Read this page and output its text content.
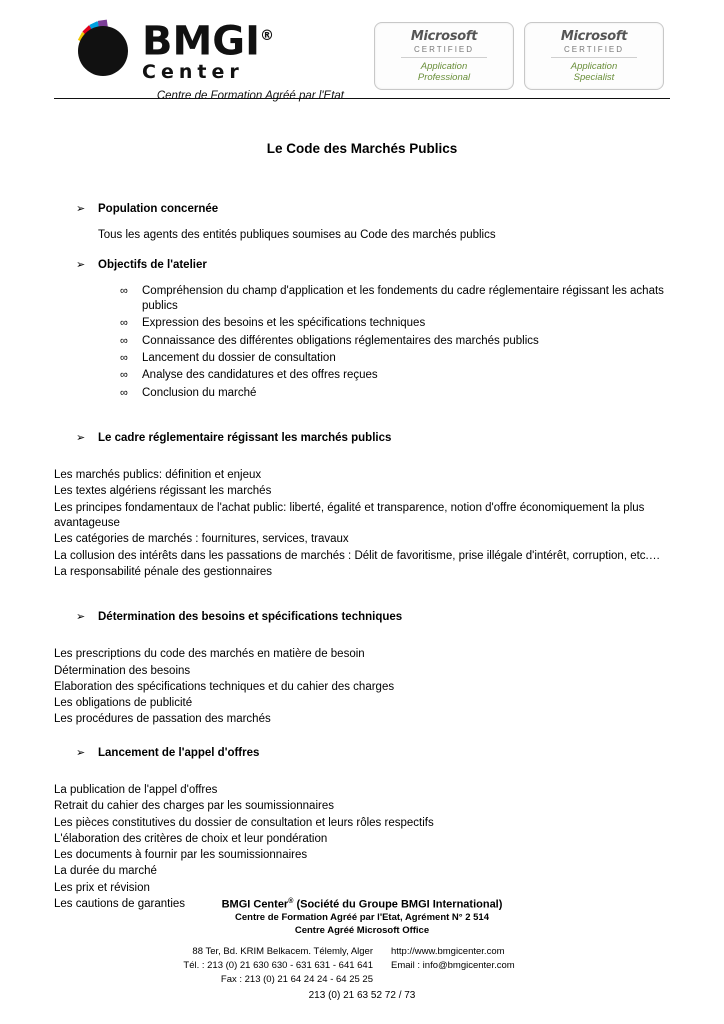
BMGI®
Center
Centre de Formation Agréé par l'Etat
Microsoft
CERTIFIED
Application
Professional
Microsoft
CERTIFIED
Application
Specialist
Le Code des Marchés Publics
➢	Population concernée
Tous les agents des entités publiques soumises au Code des marchés publics
➢	Objectifs de l'atelier
∞	Compréhension du champ d'application et les fondements du cadre réglementaire régissant les achats publics
∞	Expression des besoins et les spécifications techniques
∞	Connaissance des différentes obligations réglementaires des marchés publics
∞	Lancement du dossier de consultation
∞	Analyse des candidatures et des offres reçues
∞	Conclusion du marché
➢	Le cadre réglementaire régissant les marchés publics
Les marchés publics: définition et enjeux
Les textes algériens régissant les marchés
Les principes fondamentaux de l'achat public: liberté, égalité et transparence, notion d'offre économiquement la plus avantageuse
Les catégories de marchés : fournitures, services, travaux
La collusion des intérêts dans les passations de marchés : Délit de favoritisme, prise illégale d'intérêt, corruption, etc.…
La responsabilité pénale des gestionnaires
➢	Détermination des besoins et spécifications techniques
Les prescriptions du code des marchés en matière de besoin
Détermination des besoins
Elaboration des spécifications techniques et du cahier des charges
Les obligations de publicité
Les procédures de passation des marchés
➢	Lancement de l'appel d'offres
La publication de l'appel d'offres
Retrait du cahier des charges par les soumissionnaires
Les pièces constitutives du dossier de consultation et leurs rôles respectifs
L'élaboration des critères de choix et leur pondération
Les documents à fournir par les soumissionnaires
La durée du marché
Les prix et révision
Les cautions de garanties	BMGI Center® (Société du Groupe BMGI International)
Centre de Formation Agréé par l'Etat, Agrément N° 2 514
Centre Agréé Microsoft Office
88 Ter, Bd. KRIM Belkacem. Télemly, Alger
Tél. : 213 (0) 21 630 630 - 631 631 - 641 641
Fax : 213 (0) 21 64 24 24 - 64 25 25
http://www.bmgicenter.com
Email : info@bmgicenter.com
213 (0) 21 63 52 72 / 73
